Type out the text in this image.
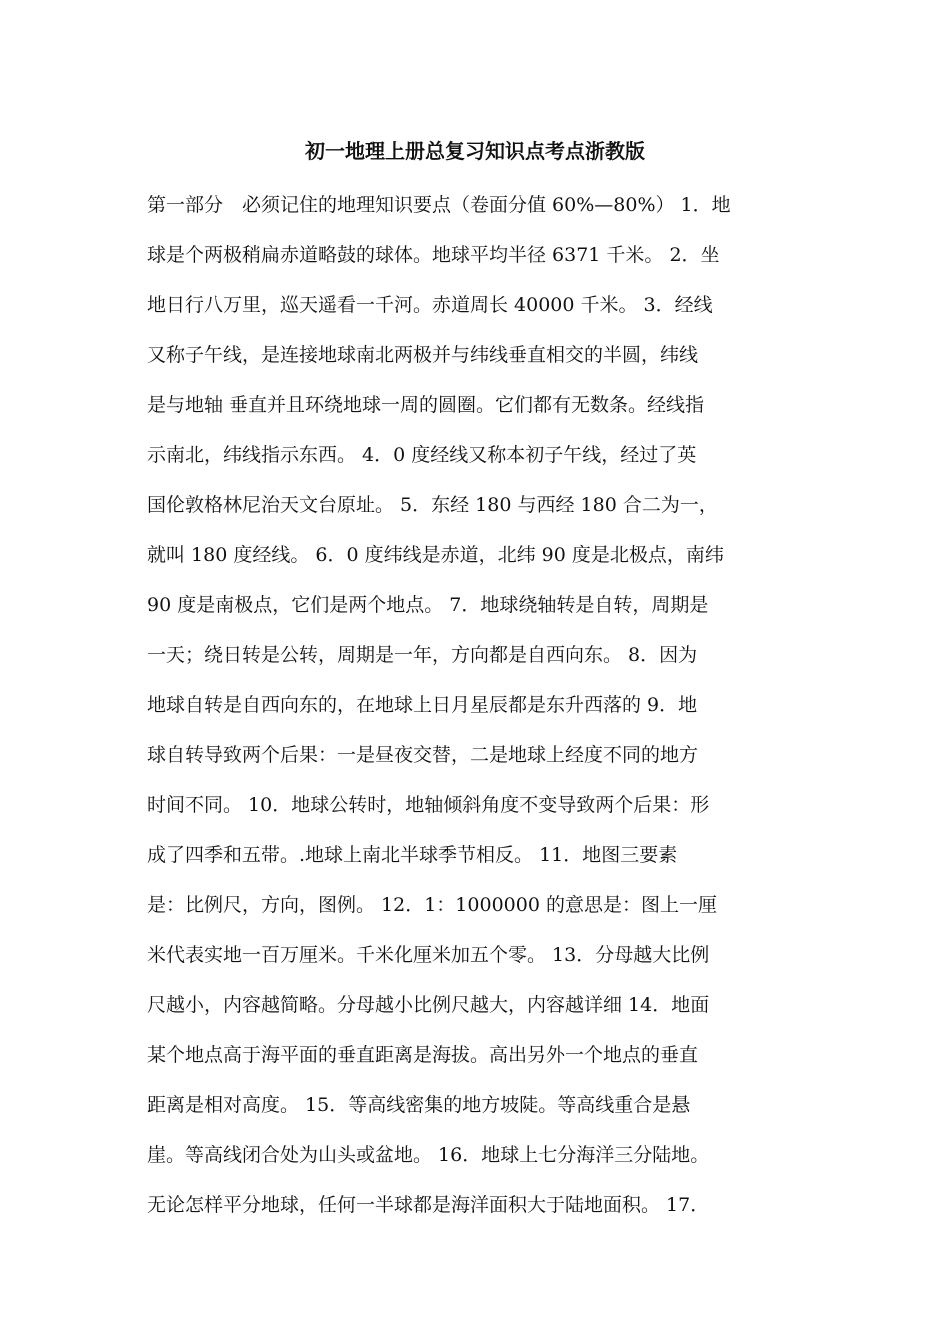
初一地理上册总复习知识点考点浙教版
第一部分　必须记住的地理知识要点（卷面分值 60%—80%） 1．地
球是个两极稍扁赤道略鼓的球体。地球平均半径 6371 千米。 2．坐
地日行八万里，巡天遥看一千河。赤道周长 40000 千米。 3．经线
又称子午线，是连接地球南北两极并与纬线垂直相交的半圆，纬线
是与地轴 垂直并且环绕地球一周的圆圈。它们都有无数条。经线指
示南北，纬线指示东西。 4．0 度经线又称本初子午线，经过了英
国伦敦格林尼治天文台原址。 5．东经 180 与西经 180 合二为一，
就叫 180 度经线。 6．0 度纬线是赤道，北纬 90 度是北极点，南纬
90 度是南极点，它们是两个地点。 7．地球绕轴转是自转，周期是
一天；绕日转是公转，周期是一年，方向都是自西向东。 8．因为
地球自转是自西向东的，在地球上日月星辰都是东升西落的 9．地
球自转导致两个后果：一是昼夜交替，二是地球上经度不同的地方
时间不同。 10．地球公转时，地轴倾斜角度不变导致两个后果：形
成了四季和五带。.地球上南北半球季节相反。 11．地图三要素
是：比例尺，方向，图例。 12．1：1000000 的意思是：图上一厘
米代表实地一百万厘米。千米化厘米加五个零。 13．分母越大比例
尺越小，内容越简略。分母越小比例尺越大，内容越详细 14．地面
某个地点高于海平面的垂直距离是海拔。高出另外一个地点的垂直
距离是相对高度。 15．等高线密集的地方坡陡。等高线重合是悬
崖。等高线闭合处为山头或盆地。 16．地球上七分海洋三分陆地。
无论怎样平分地球，任何一半球都是海洋面积大于陆地面积。 17．
